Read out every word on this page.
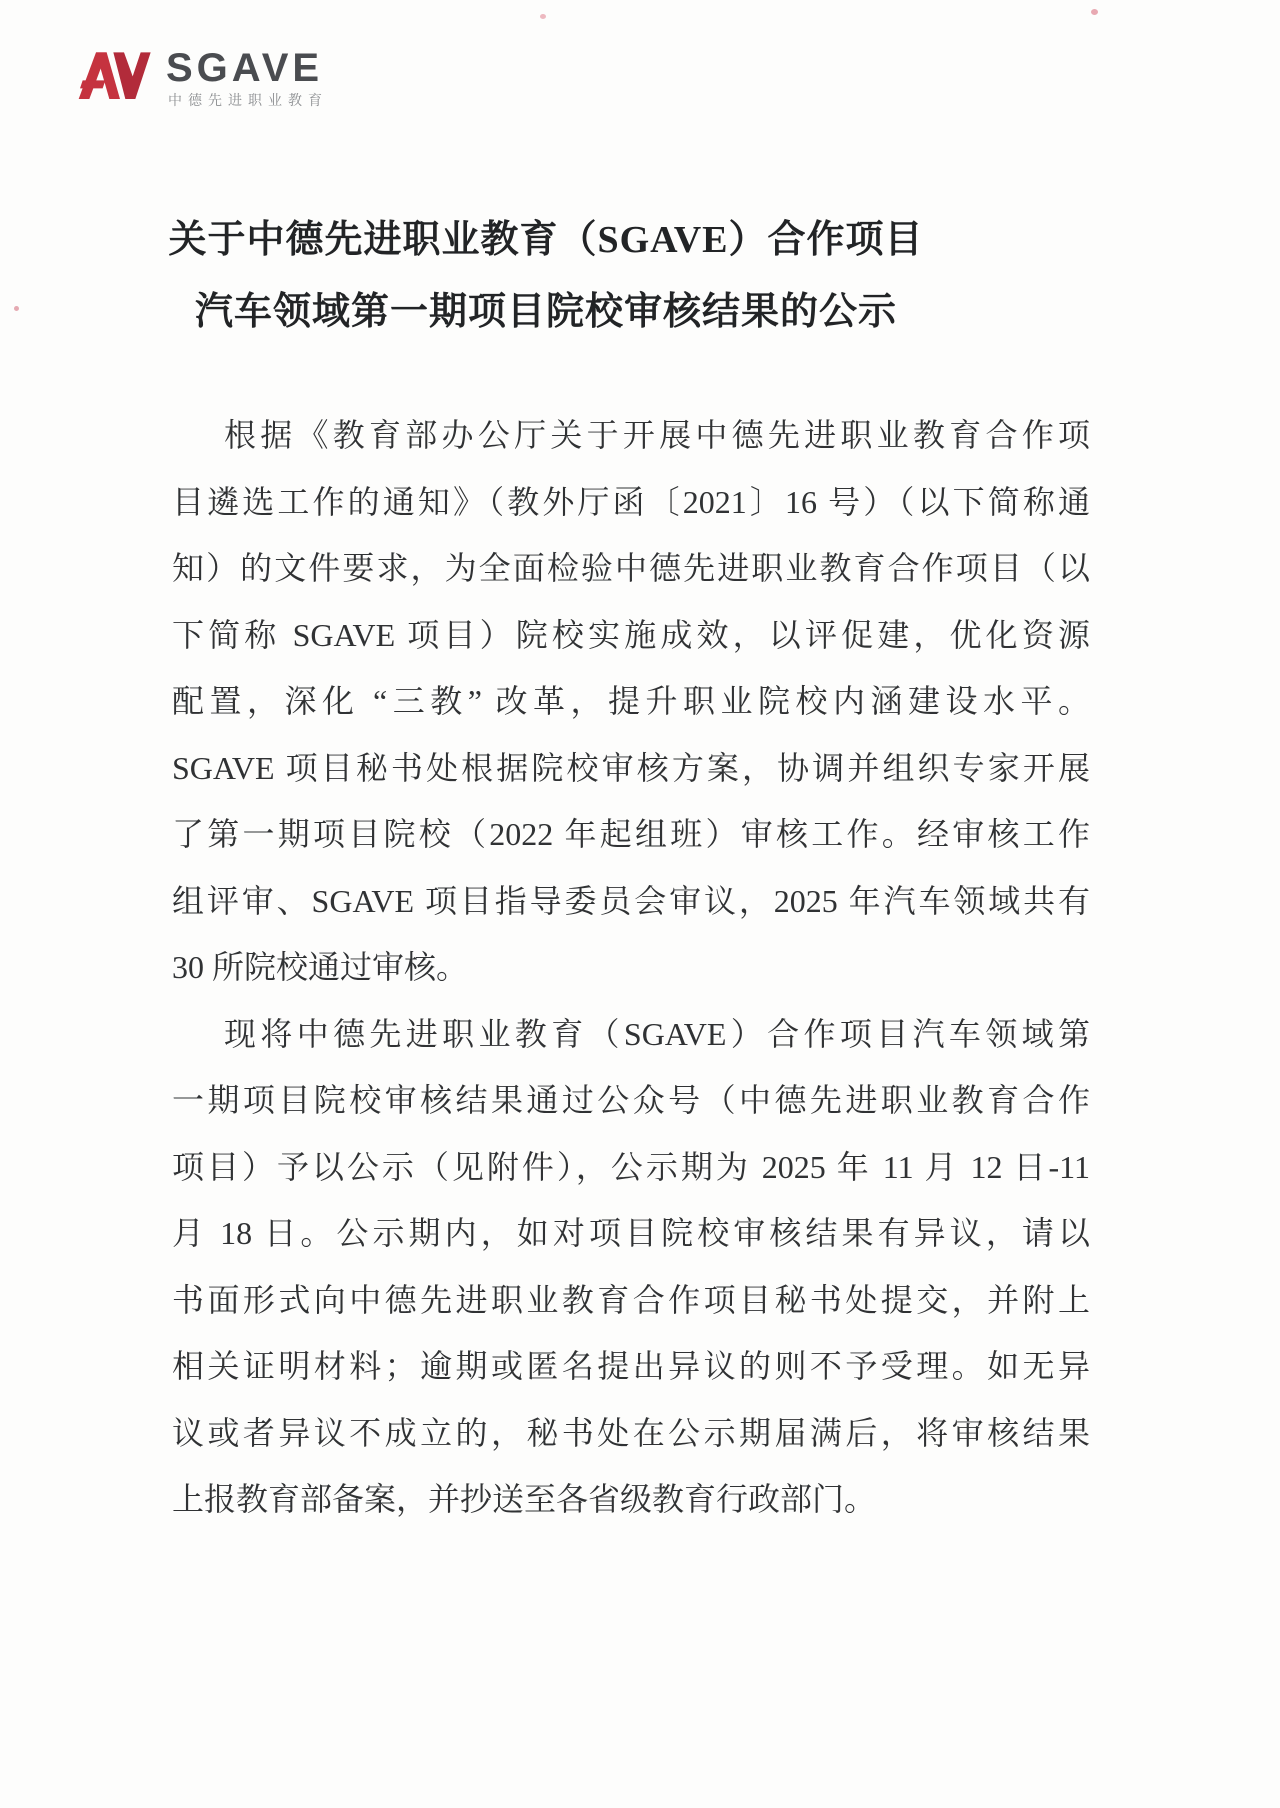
SGAVE
中德先进职业教育
关于中德先进职业教育（SGAVE）合作项目
汽车领域第一期项目院校审核结果的公示
根据《教育部办公厅关于开展中德先进职业教育合作项
目遴选工作的通知》（教外厅函〔2021〕16 号）（以下简称通
知）的文件要求，为全面检验中德先进职业教育合作项目（以
下简称 SGAVE 项目）院校实施成效，以评促建，优化资源
配置，深化 “三教” 改革，提升职业院校内涵建设水平。
SGAVE 项目秘书处根据院校审核方案，协调并组织专家开展
了第一期项目院校（2022 年起组班）审核工作。经审核工作
组评审、SGAVE 项目指导委员会审议，2025 年汽车领域共有
30 所院校通过审核。
现将中德先进职业教育（SGAVE）合作项目汽车领域第
一期项目院校审核结果通过公众号（中德先进职业教育合作
项目）予以公示（见附件），公示期为 2025 年 11 月 12 日-11
月 18 日。公示期内，如对项目院校审核结果有异议，请以
书面形式向中德先进职业教育合作项目秘书处提交，并附上
相关证明材料；逾期或匿名提出异议的则不予受理。如无异
议或者异议不成立的，秘书处在公示期届满后，将审核结果
上报教育部备案，并抄送至各省级教育行政部门。
